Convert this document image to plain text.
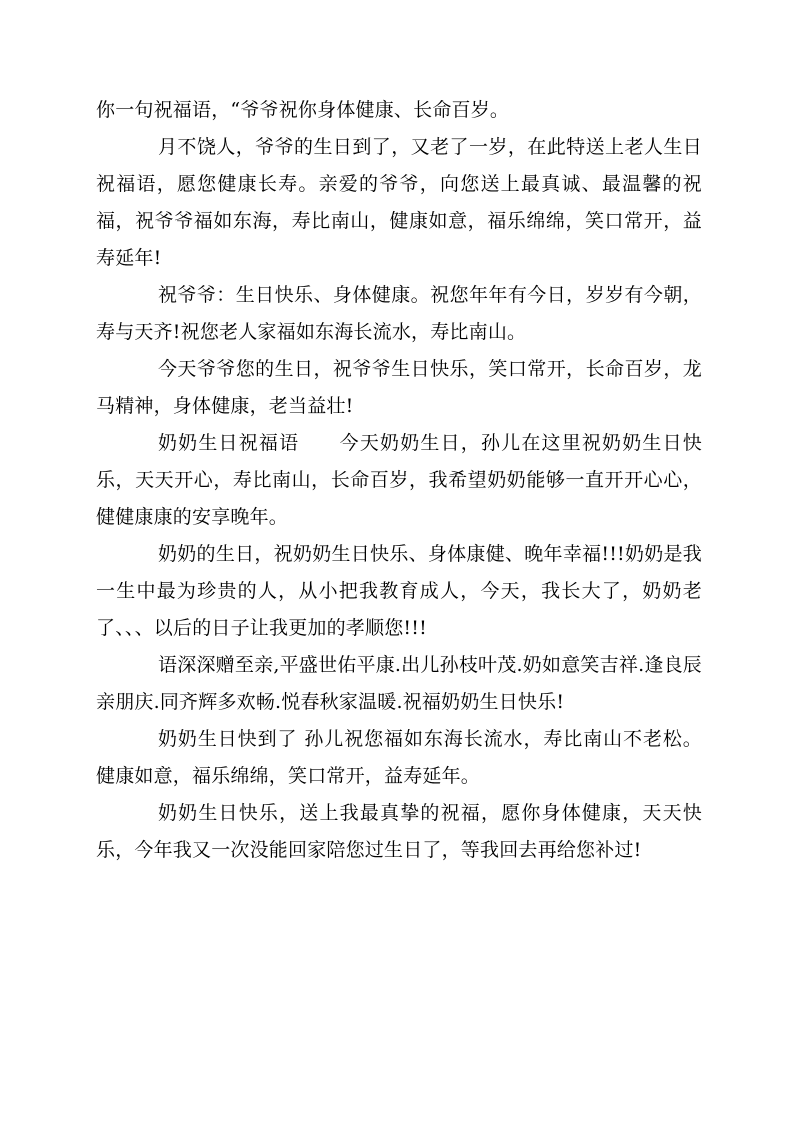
你一句祝福语，“爷爷祝你身体健康、长命百岁。

月不饶人，爷爷的生日到了，又老了一岁，在此特送上老人生日祝福语，愿您健康长寿。亲爱的爷爷，向您送上最真诚、最温馨的祝福，祝爷爷福如东海，寿比南山，健康如意，福乐绵绵，笑口常开，益寿延年!

祝爷爷：生日快乐、身体健康。祝您年年有今日，岁岁有今朝，寿与天齐!祝您老人家福如东海长流水，寿比南山。

今天爷爷您的生日，祝爷爷生日快乐，笑口常开，长命百岁，龙马精神，身体健康，老当益壮!

奶奶生日祝福语　　今天奶奶生日，孙儿在这里祝奶奶生日快乐，天天开心，寿比南山，长命百岁，我希望奶奶能够一直开开心心，健健康康的安享晚年。

奶奶的生日，祝奶奶生日快乐、身体康健、晚年幸福!!!奶奶是我一生中最为珍贵的人，从小把我教育成人，今天，我长大了，奶奶老了、、、以后的日子让我更加的孝顺您!!!

语深深赠至亲,平盛世佑平康.出儿孙枝叶茂.奶如意笑吉祥.逢良辰亲朋庆.同齐辉多欢畅.悦春秋家温暖.祝福奶奶生日快乐!

奶奶生日快到了 孙儿祝您福如东海长流水，寿比南山不老松。 健康如意，福乐绵绵，笑口常开，益寿延年。

奶奶生日快乐，送上我最真挚的祝福，愿你身体健康，天天快乐，今年我又一次没能回家陪您过生日了，等我回去再给您补过!
